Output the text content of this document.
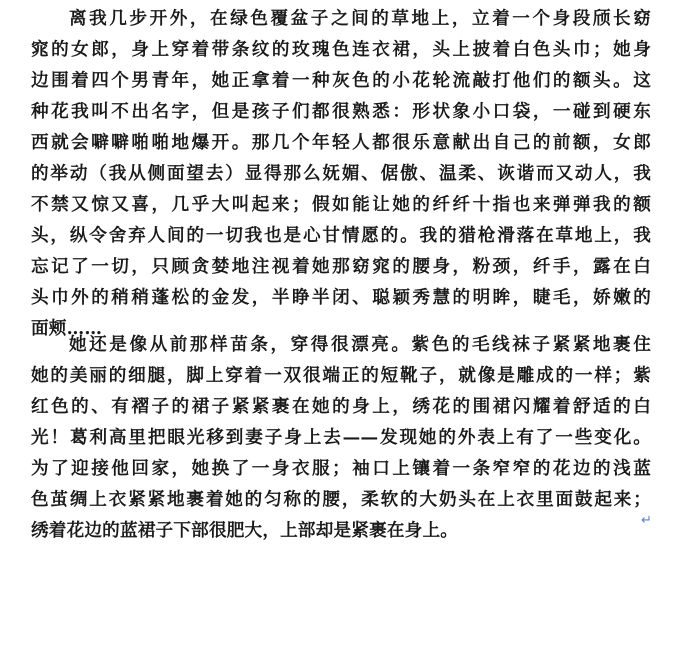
离我几步开外，在绿色覆盆子之间的草地上，立着一个身段颀长窈
窕的女郎，身上穿着带条纹的玫瑰色连衣裙，头上披着白色头巾；她身
边围着四个男青年，她正拿着一种灰色的小花轮流敲打他们的额头。这
种花我叫不出名字，但是孩子们都很熟悉：形状象小口袋，一碰到硬东
西就会噼噼啪啪地爆开。那几个年轻人都很乐意献出自己的前额，女郎
的举动（我从侧面望去）显得那么妩媚、倨傲、温柔、诙谐而又动人，我
不禁又惊又喜，几乎大叫起来；假如能让她的纤纤十指也来弹弹我的额
头，纵令舍弃人间的一切我也是心甘情愿的。我的猎枪滑落在草地上，我
忘记了一切，只顾贪婪地注视着她那窈窕的腰身，粉颈，纤手，露在白
头巾外的稍稍蓬松的金发，半睁半闭、聪颖秀慧的明眸，睫毛，娇嫩的
面颊……
她还是像从前那样苗条，穿得很漂亮。紫色的毛线袜子紧紧地裹住
她的美丽的细腿，脚上穿着一双很端正的短靴子，就像是雕成的一样；紫
红色的、有褶子的裙子紧紧裹在她的身上，绣花的围裙闪耀着舒适的白
光！葛利高里把眼光移到妻子身上去——发现她的外表上有了一些变化。
为了迎接他回家，她换了一身衣服；袖口上镶着一条窄窄的花边的浅蓝
色茧绸上衣紧紧地裹着她的匀称的腰，柔软的大奶头在上衣里面鼓起来；
绣着花边的蓝裙子下部很肥大，上部却是紧裹在身上。	↵
